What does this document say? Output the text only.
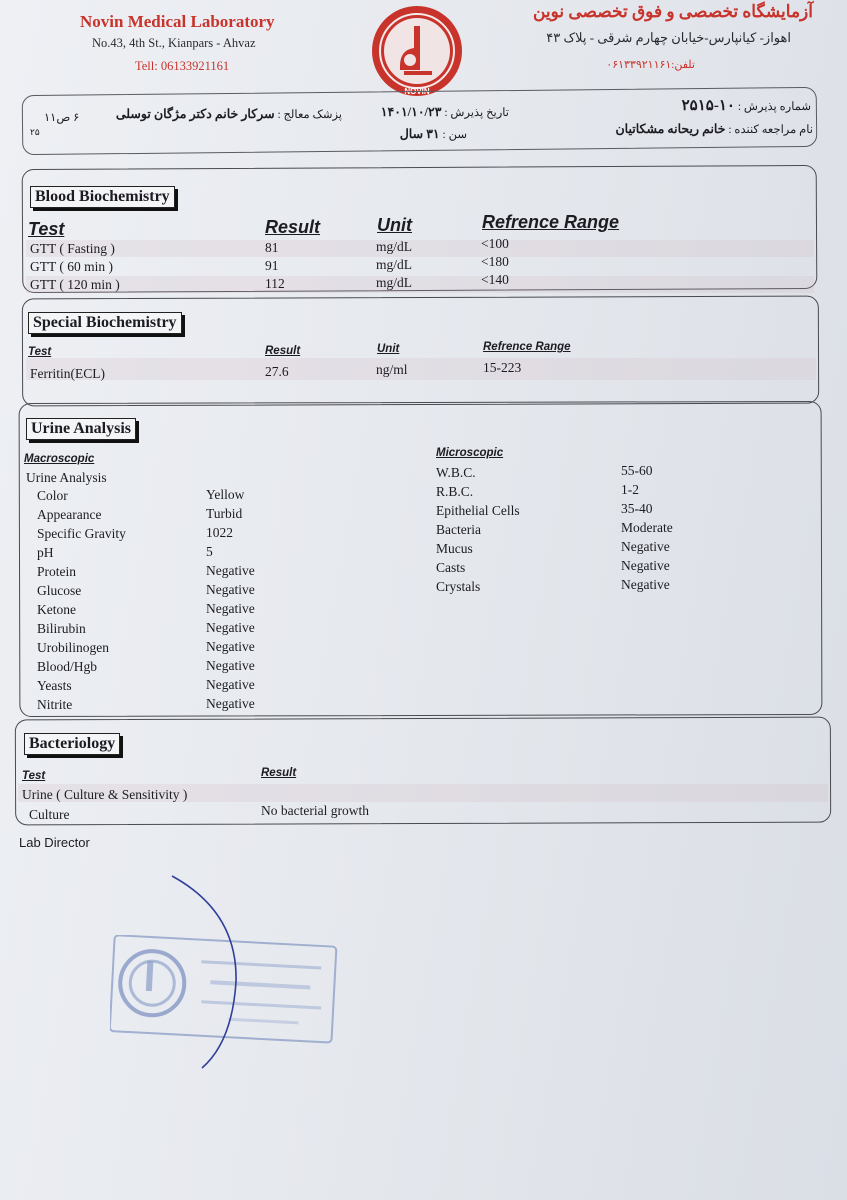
Novin Medical Laboratory
No.43, 4th St., Kianpars - Ahvaz
Tell: 06133921161
NOVIN
آزمایشگاه تخصصی و فوق تخصصی نوین
اهواز- کیانپارس-خیابان چهارم شرقی - پلاک ۴۳
تلفن:۰۶۱۳۳۹۲۱۱۶۱
شماره پذیرش : ۱۰-۲۵۱۵
نام مراجعه کننده : خانم ریحانه مشکاتیان
تاریخ پذیرش : ۱۴۰۱/۱۰/۲۳
سن : ۳۱ سال
پزشک معالج : سرکار خانم دکتر مژگان توسلی
۶ ص۱۱
۲۵
Blood Biochemistry
Test	Result	Unit	Refrence Range
GTT ( Fasting )	81	mg/dL	<100
GTT ( 60 min )	91	mg/dL	<180
GTT ( 120 min )	112	mg/dL	<140
Special Biochemistry
Test	Result	Unit	Refrence Range
Ferritin(ECL)	27.6	ng/ml	15-223
Urine Analysis
Macroscopic
Urine Analysis
Color	Yellow
Appearance	Turbid
Specific Gravity	1022
pH	5
Protein	Negative
Glucose	Negative
Ketone	Negative
Bilirubin	Negative
Urobilinogen	Negative
Blood/Hgb	Negative
Yeasts	Negative
Nitrite	Negative
Microscopic
W.B.C.	55-60
R.B.C.	1-2
Epithelial Cells	35-40
Bacteria	Moderate
Mucus	Negative
Casts	Negative
Crystals	Negative
Bacteriology
Test	Result
Urine ( Culture & Sensitivity )
Culture	No bacterial growth
Lab Director
